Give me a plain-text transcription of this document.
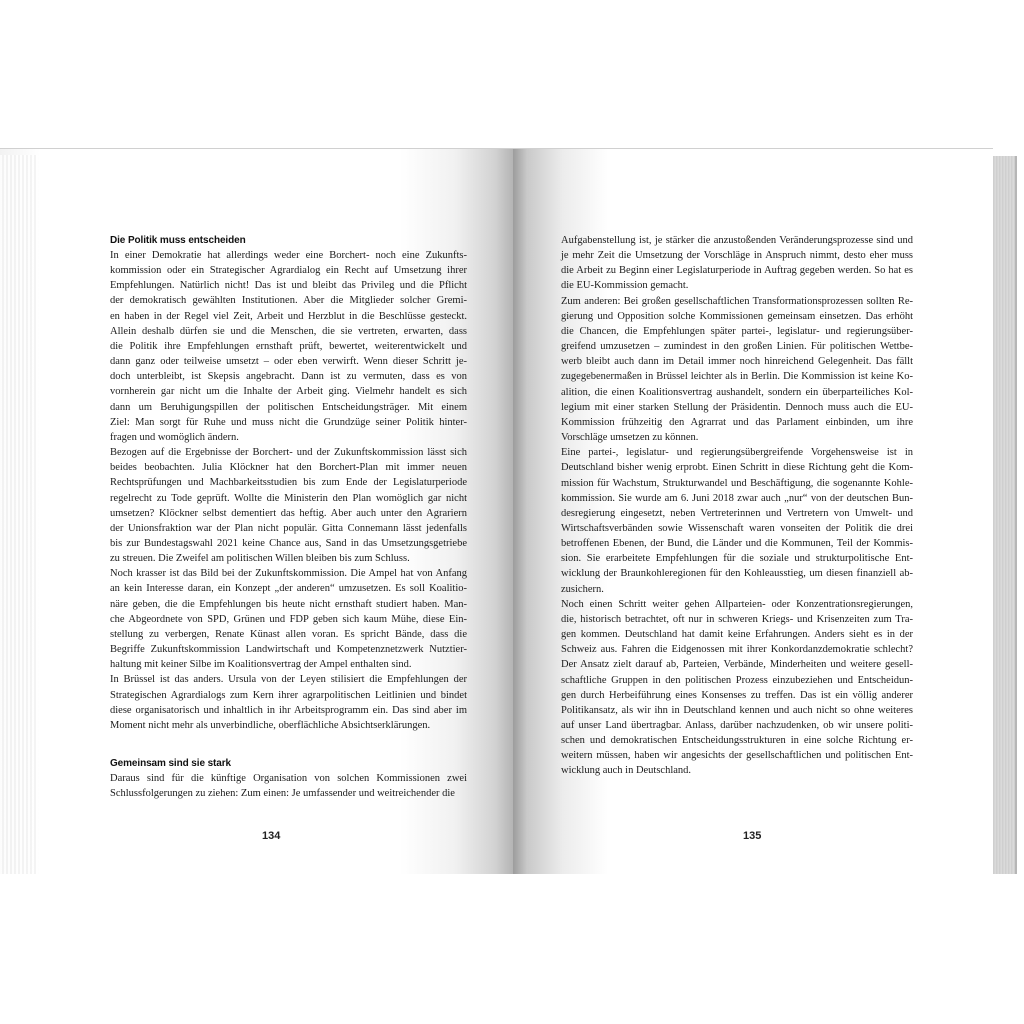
Die Politik muss entscheiden
In einer Demokratie hat allerdings weder eine Borchert- noch eine Zukunfts-
kommission oder ein Strategischer Agrardialog ein Recht auf Umsetzung ihrer
Empfehlungen. Natürlich nicht! Das ist und bleibt das Privileg und die Pflicht
der demokratisch gewählten Institutionen. Aber die Mitglieder solcher Gremi-
en haben in der Regel viel Zeit, Arbeit und Herzblut in die Beschlüsse gesteckt.
Allein deshalb dürfen sie und die Menschen, die sie vertreten, erwarten, dass
die Politik ihre Empfehlungen ernsthaft prüft, bewertet, weiterentwickelt und
dann ganz oder teilweise umsetzt – oder eben verwirft. Wenn dieser Schritt je-
doch unterbleibt, ist Skepsis angebracht. Dann ist zu vermuten, dass es von
vornherein gar nicht um die Inhalte der Arbeit ging. Vielmehr handelt es sich
dann um Beruhigungspillen der politischen Entscheidungsträger. Mit einem
Ziel: Man sorgt für Ruhe und muss nicht die Grundzüge seiner Politik hinter-
fragen und womöglich ändern.
Bezogen auf die Ergebnisse der Borchert- und der Zukunftskommission lässt sich
beides beobachten. Julia Klöckner hat den Borchert-Plan mit immer neuen
Rechtsprüfungen und Machbarkeitsstudien bis zum Ende der Legislaturperiode
regelrecht zu Tode geprüft. Wollte die Ministerin den Plan womöglich gar nicht
umsetzen? Klöckner selbst dementiert das heftig. Aber auch unter den Agrariern
der Unionsfraktion war der Plan nicht populär. Gitta Connemann lässt jedenfalls
bis zur Bundestagswahl 2021 keine Chance aus, Sand in das Umsetzungsgetriebe
zu streuen. Die Zweifel am politischen Willen bleiben bis zum Schluss.
Noch krasser ist das Bild bei der Zukunftskommission. Die Ampel hat von Anfang
an kein Interesse daran, ein Konzept „der anderen“ umzusetzen. Es soll Koalitio-
näre geben, die die Empfehlungen bis heute nicht ernsthaft studiert haben. Man-
che Abgeordnete von SPD, Grünen und FDP geben sich kaum Mühe, diese Ein-
stellung zu verbergen, Renate Künast allen voran. Es spricht Bände, dass die
Begriffe Zukunftskommission Landwirtschaft und Kompetenznetzwerk Nutztier-
haltung mit keiner Silbe im Koalitionsvertrag der Ampel enthalten sind.
In Brüssel ist das anders. Ursula von der Leyen stilisiert die Empfehlungen der
Strategischen Agrardialogs zum Kern ihrer agrarpolitischen Leitlinien und bindet
diese organisatorisch und inhaltlich in ihr Arbeitsprogramm ein. Das sind aber im
Moment nicht mehr als unverbindliche, oberflächliche Absichtserklärungen.
Gemeinsam sind sie stark
Daraus sind für die künftige Organisation von solchen Kommissionen zwei
Schlussfolgerungen zu ziehen: Zum einen: Je umfassender und weitreichender die
134
Aufgabenstellung ist, je stärker die anzustoßenden Veränderungsprozesse sind und
je mehr Zeit die Umsetzung der Vorschläge in Anspruch nimmt, desto eher muss
die Arbeit zu Beginn einer Legislaturperiode in Auftrag gegeben werden. So hat es
die EU-Kommission gemacht.
Zum anderen: Bei großen gesellschaftlichen Transformationsprozessen sollten Re-
gierung und Opposition solche Kommissionen gemeinsam einsetzen. Das erhöht
die Chancen, die Empfehlungen später partei-, legislatur- und regierungsüber-
greifend umzusetzen – zumindest in den großen Linien. Für politischen Wettbe-
werb bleibt auch dann im Detail immer noch hinreichend Gelegenheit. Das fällt
zugegebenermaßen in Brüssel leichter als in Berlin. Die Kommission ist keine Ko-
alition, die einen Koalitionsvertrag aushandelt, sondern ein überparteiliches Kol-
legium mit einer starken Stellung der Präsidentin. Dennoch muss auch die EU-
Kommission frühzeitig den Agrarrat und das Parlament einbinden, um ihre
Vorschläge umsetzen zu können.
Eine partei-, legislatur- und regierungsübergreifende Vorgehensweise ist in
Deutschland bisher wenig erprobt. Einen Schritt in diese Richtung geht die Kom-
mission für Wachstum, Strukturwandel und Beschäftigung, die sogenannte Kohle-
kommission. Sie wurde am 6. Juni 2018 zwar auch „nur“ von der deutschen Bun-
desregierung eingesetzt, neben Vertreterinnen und Vertretern von Umwelt- und
Wirtschaftsverbänden sowie Wissenschaft waren vonseiten der Politik die drei
betroffenen Ebenen, der Bund, die Länder und die Kommunen, Teil der Kommis-
sion. Sie erarbeitete Empfehlungen für die soziale und strukturpolitische Ent-
wicklung der Braunkohleregionen für den Kohleausstieg, um diesen finanziell ab-
zusichern.
Noch einen Schritt weiter gehen Allparteien- oder Konzentrationsregierungen,
die, historisch betrachtet, oft nur in schweren Kriegs- und Krisenzeiten zum Tra-
gen kommen. Deutschland hat damit keine Erfahrungen. Anders sieht es in der
Schweiz aus. Fahren die Eidgenossen mit ihrer Konkordanzdemokratie schlecht?
Der Ansatz zielt darauf ab, Parteien, Verbände, Minderheiten und weitere gesell-
schaftliche Gruppen in den politischen Prozess einzubeziehen und Entscheidun-
gen durch Herbeiführung eines Konsenses zu treffen. Das ist ein völlig anderer
Politikansatz, als wir ihn in Deutschland kennen und auch nicht so ohne weiteres
auf unser Land übertragbar. Anlass, darüber nachzudenken, ob wir unsere politi-
schen und demokratischen Entscheidungsstrukturen in eine solche Richtung er-
weitern müssen, haben wir angesichts der gesellschaftlichen und politischen Ent-
wicklung auch in Deutschland.
135
